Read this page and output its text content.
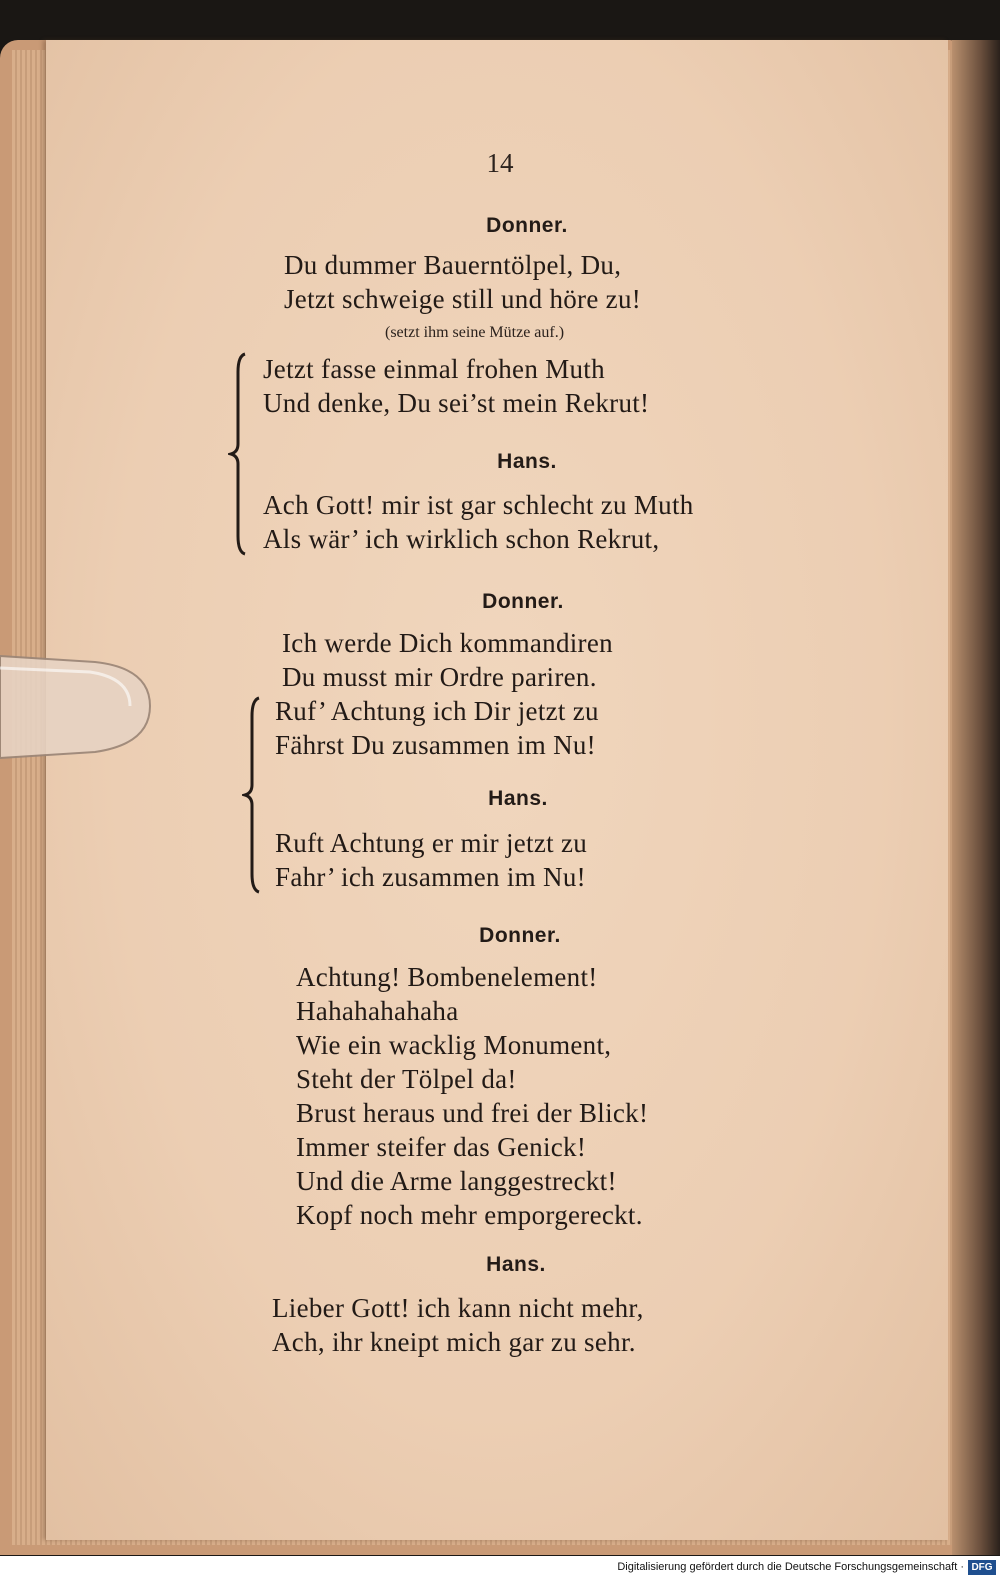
14
Donner.
Du dummer Bauerntölpel, Du,
Jetzt schweige still und höre zu!
(setzt ihm seine Mütze auf.)
Jetzt fasse einmal frohen Muth
Und denke, Du sei’st mein Rekrut!
Hans.
Ach Gott! mir ist gar schlecht zu Muth
Als wär’ ich wirklich schon Rekrut,
Donner.
Ich werde Dich kommandiren
Du musst mir Ordre pariren.
Ruf’ Achtung ich Dir jetzt zu
Fährst Du zusammen im Nu!
Hans.
Ruft Achtung er mir jetzt zu
Fahr’ ich zusammen im Nu!
Donner.
Achtung! Bombenelement!
Hahahahahaha
Wie ein wacklig Monument,
Steht der Tölpel da!
Brust heraus und frei der Blick!
Immer steifer das Genick!
Und die Arme langgestreckt!
Kopf noch mehr emporgereckt.
Hans.
Lieber Gott! ich kann nicht mehr,
Ach, ihr kneipt mich gar zu sehr.
Digitalisierung gefördert durch die Deutsche Forschungsgemeinschaft · DFG
